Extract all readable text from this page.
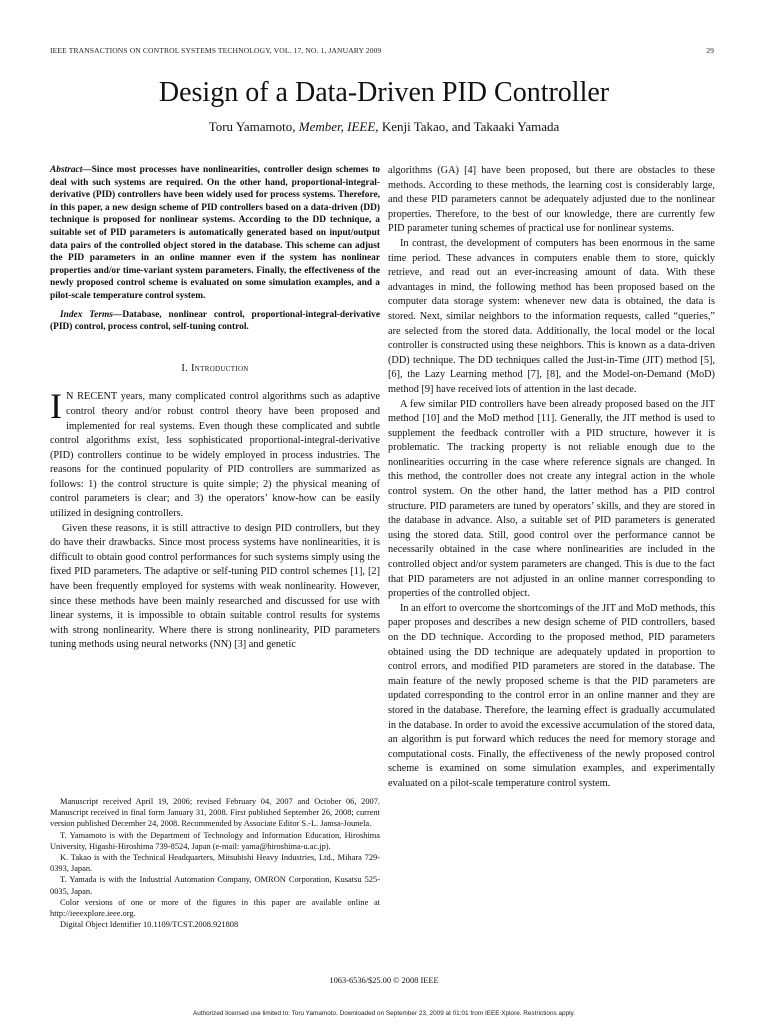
IEEE TRANSACTIONS ON CONTROL SYSTEMS TECHNOLOGY, VOL. 17, NO. 1, JANUARY 2009	29
Design of a Data-Driven PID Controller
Toru Yamamoto, Member, IEEE, Kenji Takao, and Takaaki Yamada

Abstract—Since most processes have nonlinearities, controller design schemes to deal with such systems are required. On the other hand, proportional-integral-derivative (PID) controllers have been widely used for process systems. Therefore, in this paper, a new design scheme of PID controllers based on a data-driven (DD) technique is proposed for nonlinear systems. According to the DD technique, a suitable set of PID parameters is automatically generated based on input/output data pairs of the controlled object stored in the database. This scheme can adjust the PID parameters in an online manner even if the system has nonlinear properties and/or time-variant system parameters. Finally, the effectiveness of the newly proposed control scheme is evaluated on some simulation examples, and a pilot-scale temperature control system.

Index Terms—Database, nonlinear control, proportional-integral-derivative (PID) control, process control, self-tuning control.

I. Introduction

I N RECENT years, many complicated control algorithms such as adaptive control theory and/or robust control theory have been proposed and implemented for real systems. Even though these complicated and subtle control algorithms exist, less sophisticated proportional-integral-derivative (PID) controllers continue to be widely employed in process industries. The reasons for the continued popularity of PID controllers are summarized as follows: 1) the control structure is quite simple; 2) the physical meaning of control parameters is clear; and 3) the operators’ know-how can be easily utilized in designing controllers.

Given these reasons, it is still attractive to design PID controllers, but they do have their drawbacks. Since most process systems have nonlinearities, it is difficult to obtain good control performances for such systems simply using the fixed PID parameters. The adaptive or self-tuning PID control schemes [1], [2] have been frequently employed for systems with weak nonlinearity. However, since these methods have been mainly researched and discussed for use with linear systems, it is impossible to obtain suitable control results for systems with strong nonlinearity. Where there is strong nonlinearity, PID parameters tuning methods using neural networks (NN) [3] and genetic

Manuscript received April 19, 2006; revised February 04, 2007 and October 06, 2007. Manuscript received in final form January 31, 2008. First published September 26, 2008; current version published December 24, 2008. Recommended by Associate Editor S.-L. Jamsa-Jounela.

T. Yamamoto is with the Department of Technology and Information Education, Hiroshima University, Higashi-Hiroshima 739-8524, Japan (e-mail: yama@hiroshima-u.ac.jp).

K. Takao is with the Technical Headquarters, Mitsubishi Heavy Industries, Ltd., Mihara 729-0393, Japan.

T. Yamada is with the Industrial Automation Company, OMRON Corporation, Kusatsu 525-0035, Japan.

Color versions of one or more of the figures in this paper are available online at http://ieeexplore.ieee.org.

Digital Object Identifier 10.1109/TCST.2008.921808

algorithms (GA) [4] have been proposed, but there are obstacles to these methods. According to these methods, the learning cost is considerably large, and these PID parameters cannot be adequately adjusted due to the nonlinear properties. Therefore, to the best of our knowledge, there are currently few PID parameter tuning schemes of practical use for nonlinear systems.

In contrast, the development of computers has been enormous in the same time period. These advances in computers enable them to store, quickly retrieve, and read out an ever-increasing amount of data. With these advantages in mind, the following method has been proposed based on the computer data storage system: whenever new data is obtained, the data is stored. Next, similar neighbors to the information requests, called “queries,” are selected from the stored data. Additionally, the local model or the local controller is constructed using these neighbors. This is known as a data-driven (DD) technique. The DD techniques called the Just-in-Time (JIT) method [5], [6], the Lazy Learning method [7], [8], and the Model-on-Demand (MoD) method [9] have received lots of attention in the last decade.

A few similar PID controllers have been already proposed based on the JIT method [10] and the MoD method [11]. Generally, the JIT method is used to supplement the feedback controller with a PID structure, however it is problematic. The tracking property is not reliable enough due to the nonlinearities occurring in the case where reference signals are changed. In this method, the controller does not create any integral action in the whole control system. On the other hand, the latter method has a PID control structure. PID parameters are tuned by operators’ skills, and they are stored in the database in advance. Also, a suitable set of PID parameters is generated using the stored data. Still, good control over the performance cannot be necessarily obtained in the case where nonlinearities are included in the controlled object and/or system parameters are changed. This is due to the fact that PID parameters are not adjusted in an online manner corresponding to properties of the controlled object.

In an effort to overcome the shortcomings of the JIT and MoD methods, this paper proposes and describes a new design scheme of PID controllers, based on the DD technique. According to the proposed method, PID parameters obtained using the DD technique are adequately updated in proportion to control errors, and modified PID parameters are stored in the database. The main feature of the newly proposed scheme is that the PID parameters are updated corresponding to the control error in an online manner and they are stored in the database. Therefore, the learning effect is gradually accumulated in the database. In order to avoid the excessive accumulation of the stored data, an algorithm is put forward which reduces the need for memory storage and computational costs. Finally, the effectiveness of the newly proposed control scheme is examined on some simulation examples, and experimentally evaluated on a pilot-scale temperature control system.

1063-6536/$25.00 © 2008 IEEE
Authorized licensed use limited to: Toru Yamamoto. Downloaded on September 23, 2009 at 01:01 from IEEE Xplore. Restrictions apply.
